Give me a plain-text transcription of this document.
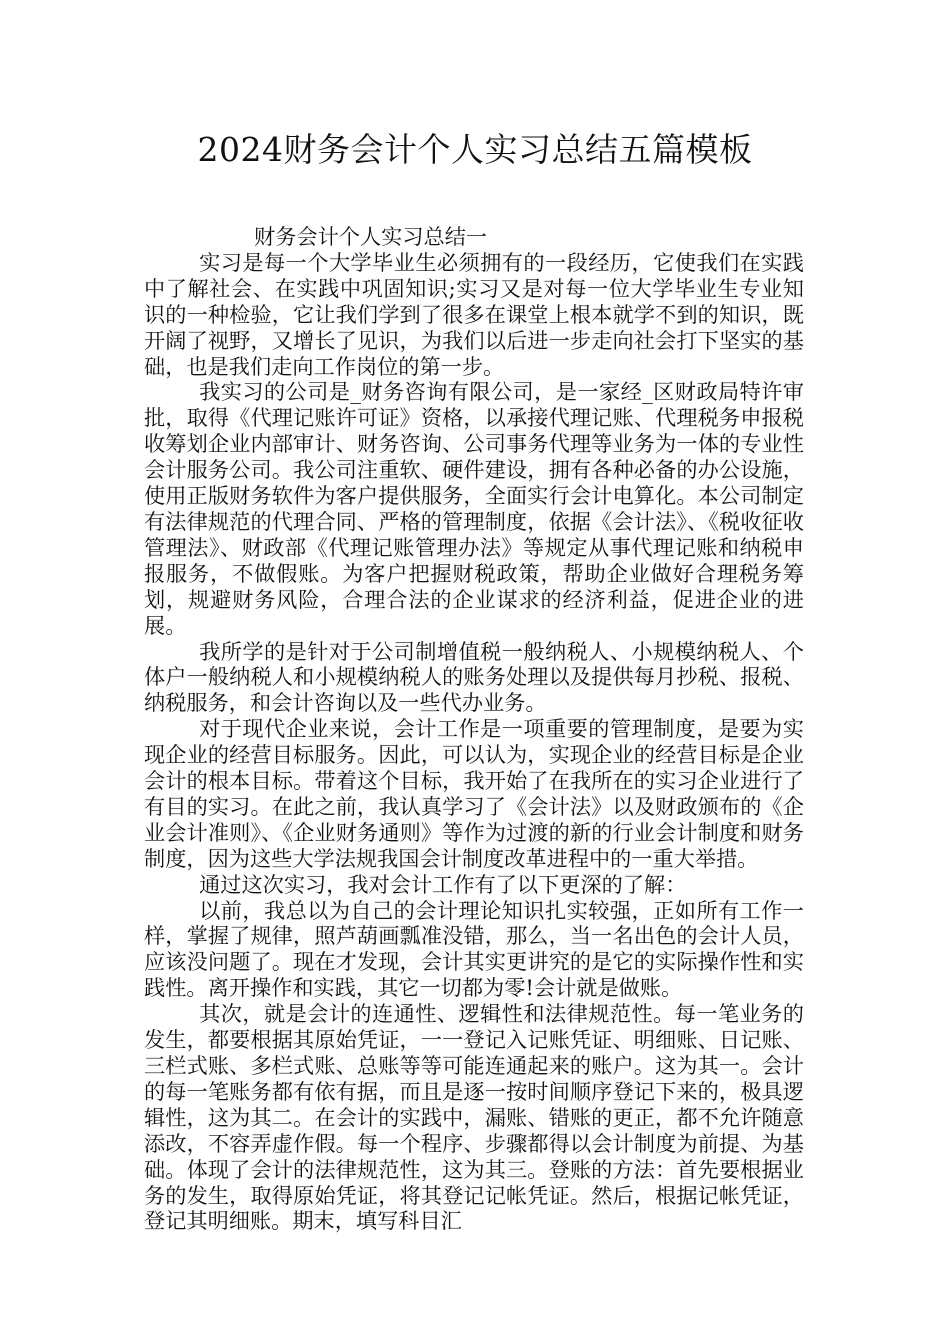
2024财务会计个人实习总结五篇模板

财务会计个人实习总结一

实习是每一个大学毕业生必须拥有的一段经历，它使我们在实践中了解社会、在实践中巩固知识;实习又是对每一位大学毕业生专业知识的一种检验，它让我们学到了很多在课堂上根本就学不到的知识，既开阔了视野，又增长了见识，为我们以后进一步走向社会打下坚实的基础，也是我们走向工作岗位的第一步。

我实习的公司是_财务咨询有限公司，是一家经_区财政局特许审批，取得《代理记账许可证》资格，以承接代理记账、代理税务申报税收筹划企业内部审计、财务咨询、公司事务代理等业务为一体的专业性会计服务公司。我公司注重软、硬件建设，拥有各种必备的办公设施，使用正版财务软件为客户提供服务，全面实行会计电算化。本公司制定有法律规范的代理合同、严格的管理制度，依据《会计法》、《税收征收管理法》、财政部《代理记账管理办法》等规定从事代理记账和纳税申报服务，不做假账。为客户把握财税政策，帮助企业做好合理税务筹划，规避财务风险，合理合法的企业谋求的经济利益，促进企业的进展。

我所学的是针对于公司制增值税一般纳税人、小规模纳税人、个体户一般纳税人和小规模纳税人的账务处理以及提供每月抄税、报税、纳税服务，和会计咨询以及一些代办业务。

对于现代企业来说，会计工作是一项重要的管理制度，是要为实现企业的经营目标服务。因此，可以认为，实现企业的经营目标是企业会计的根本目标。带着这个目标，我开始了在我所在的实习企业进行了有目的实习。在此之前，我认真学习了《会计法》以及财政颁布的《企业会计准则》、《企业财务通则》等作为过渡的新的行业会计制度和财务制度，因为这些大学法规我国会计制度改革进程中的一重大举措。

通过这次实习，我对会计工作有了以下更深的了解：

以前，我总以为自己的会计理论知识扎实较强，正如所有工作一样，掌握了规律，照芦葫画瓢准没错，那么，当一名出色的会计人员，应该没问题了。现在才发现，会计其实更讲究的是它的实际操作性和实践性。离开操作和实践，其它一切都为零!会计就是做账。

其次，就是会计的连通性、逻辑性和法律规范性。每一笔业务的发生，都要根据其原始凭证，一一登记入记账凭证、明细账、日记账、三栏式账、多栏式账、总账等等可能连通起来的账户。这为其一。会计的每一笔账务都有依有据，而且是逐一按时间顺序登记下来的，极具逻辑性，这为其二。在会计的实践中，漏账、错账的更正，都不允许随意添改，不容弄虚作假。每一个程序、步骤都得以会计制度为前提、为基础。体现了会计的法律规范性，这为其三。登账的方法：首先要根据业务的发生，取得原始凭证，将其登记记帐凭证。然后，根据记帐凭证，登记其明细账。期末，填写科目汇
